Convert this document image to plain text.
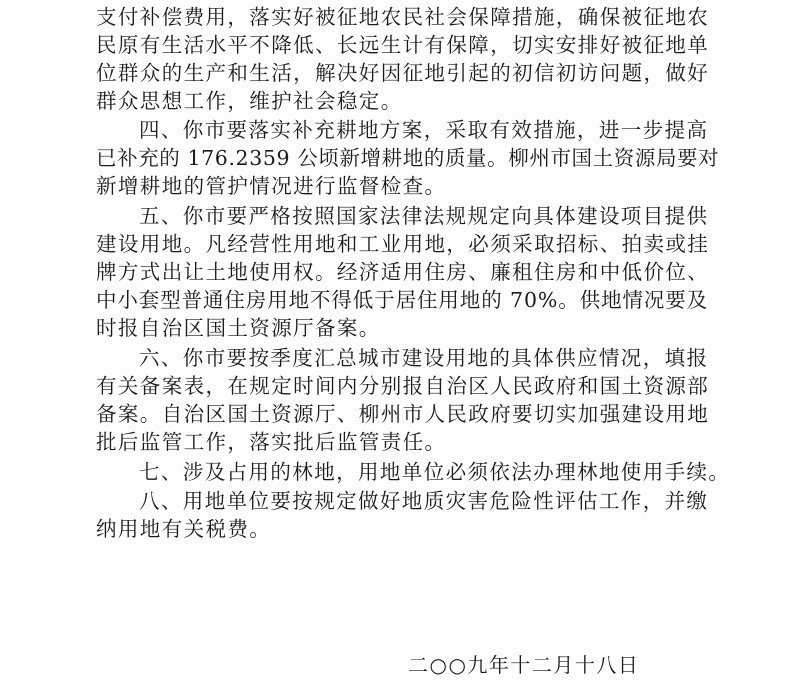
支付补偿费用，落实好被征地农民社会保障措施，确保被征地农
民原有生活水平不降低、长远生计有保障，切实安排好被征地单
位群众的生产和生活，解决好因征地引起的初信初访问题，做好
群众思想工作，维护社会稳定。
四、你市要落实补充耕地方案，采取有效措施，进一步提高
已补充的 176.2359 公顷新增耕地的质量。柳州市国土资源局要对
新增耕地的管护情况进行监督检查。
五、你市要严格按照国家法律法规规定向具体建设项目提供
建设用地。凡经营性用地和工业用地，必须采取招标、拍卖或挂
牌方式出让土地使用权。经济适用住房、廉租住房和中低价位、
中小套型普通住房用地不得低于居住用地的 70%。供地情况要及
时报自治区国土资源厅备案。
六、你市要按季度汇总城市建设用地的具体供应情况，填报
有关备案表，在规定时间内分别报自治区人民政府和国土资源部
备案。自治区国土资源厅、柳州市人民政府要切实加强建设用地
批后监管工作，落实批后监管责任。
七、涉及占用的林地，用地单位必须依法办理林地使用手续。
八、用地单位要按规定做好地质灾害危险性评估工作，并缴
纳用地有关税费。
二○○九年十二月十八日
